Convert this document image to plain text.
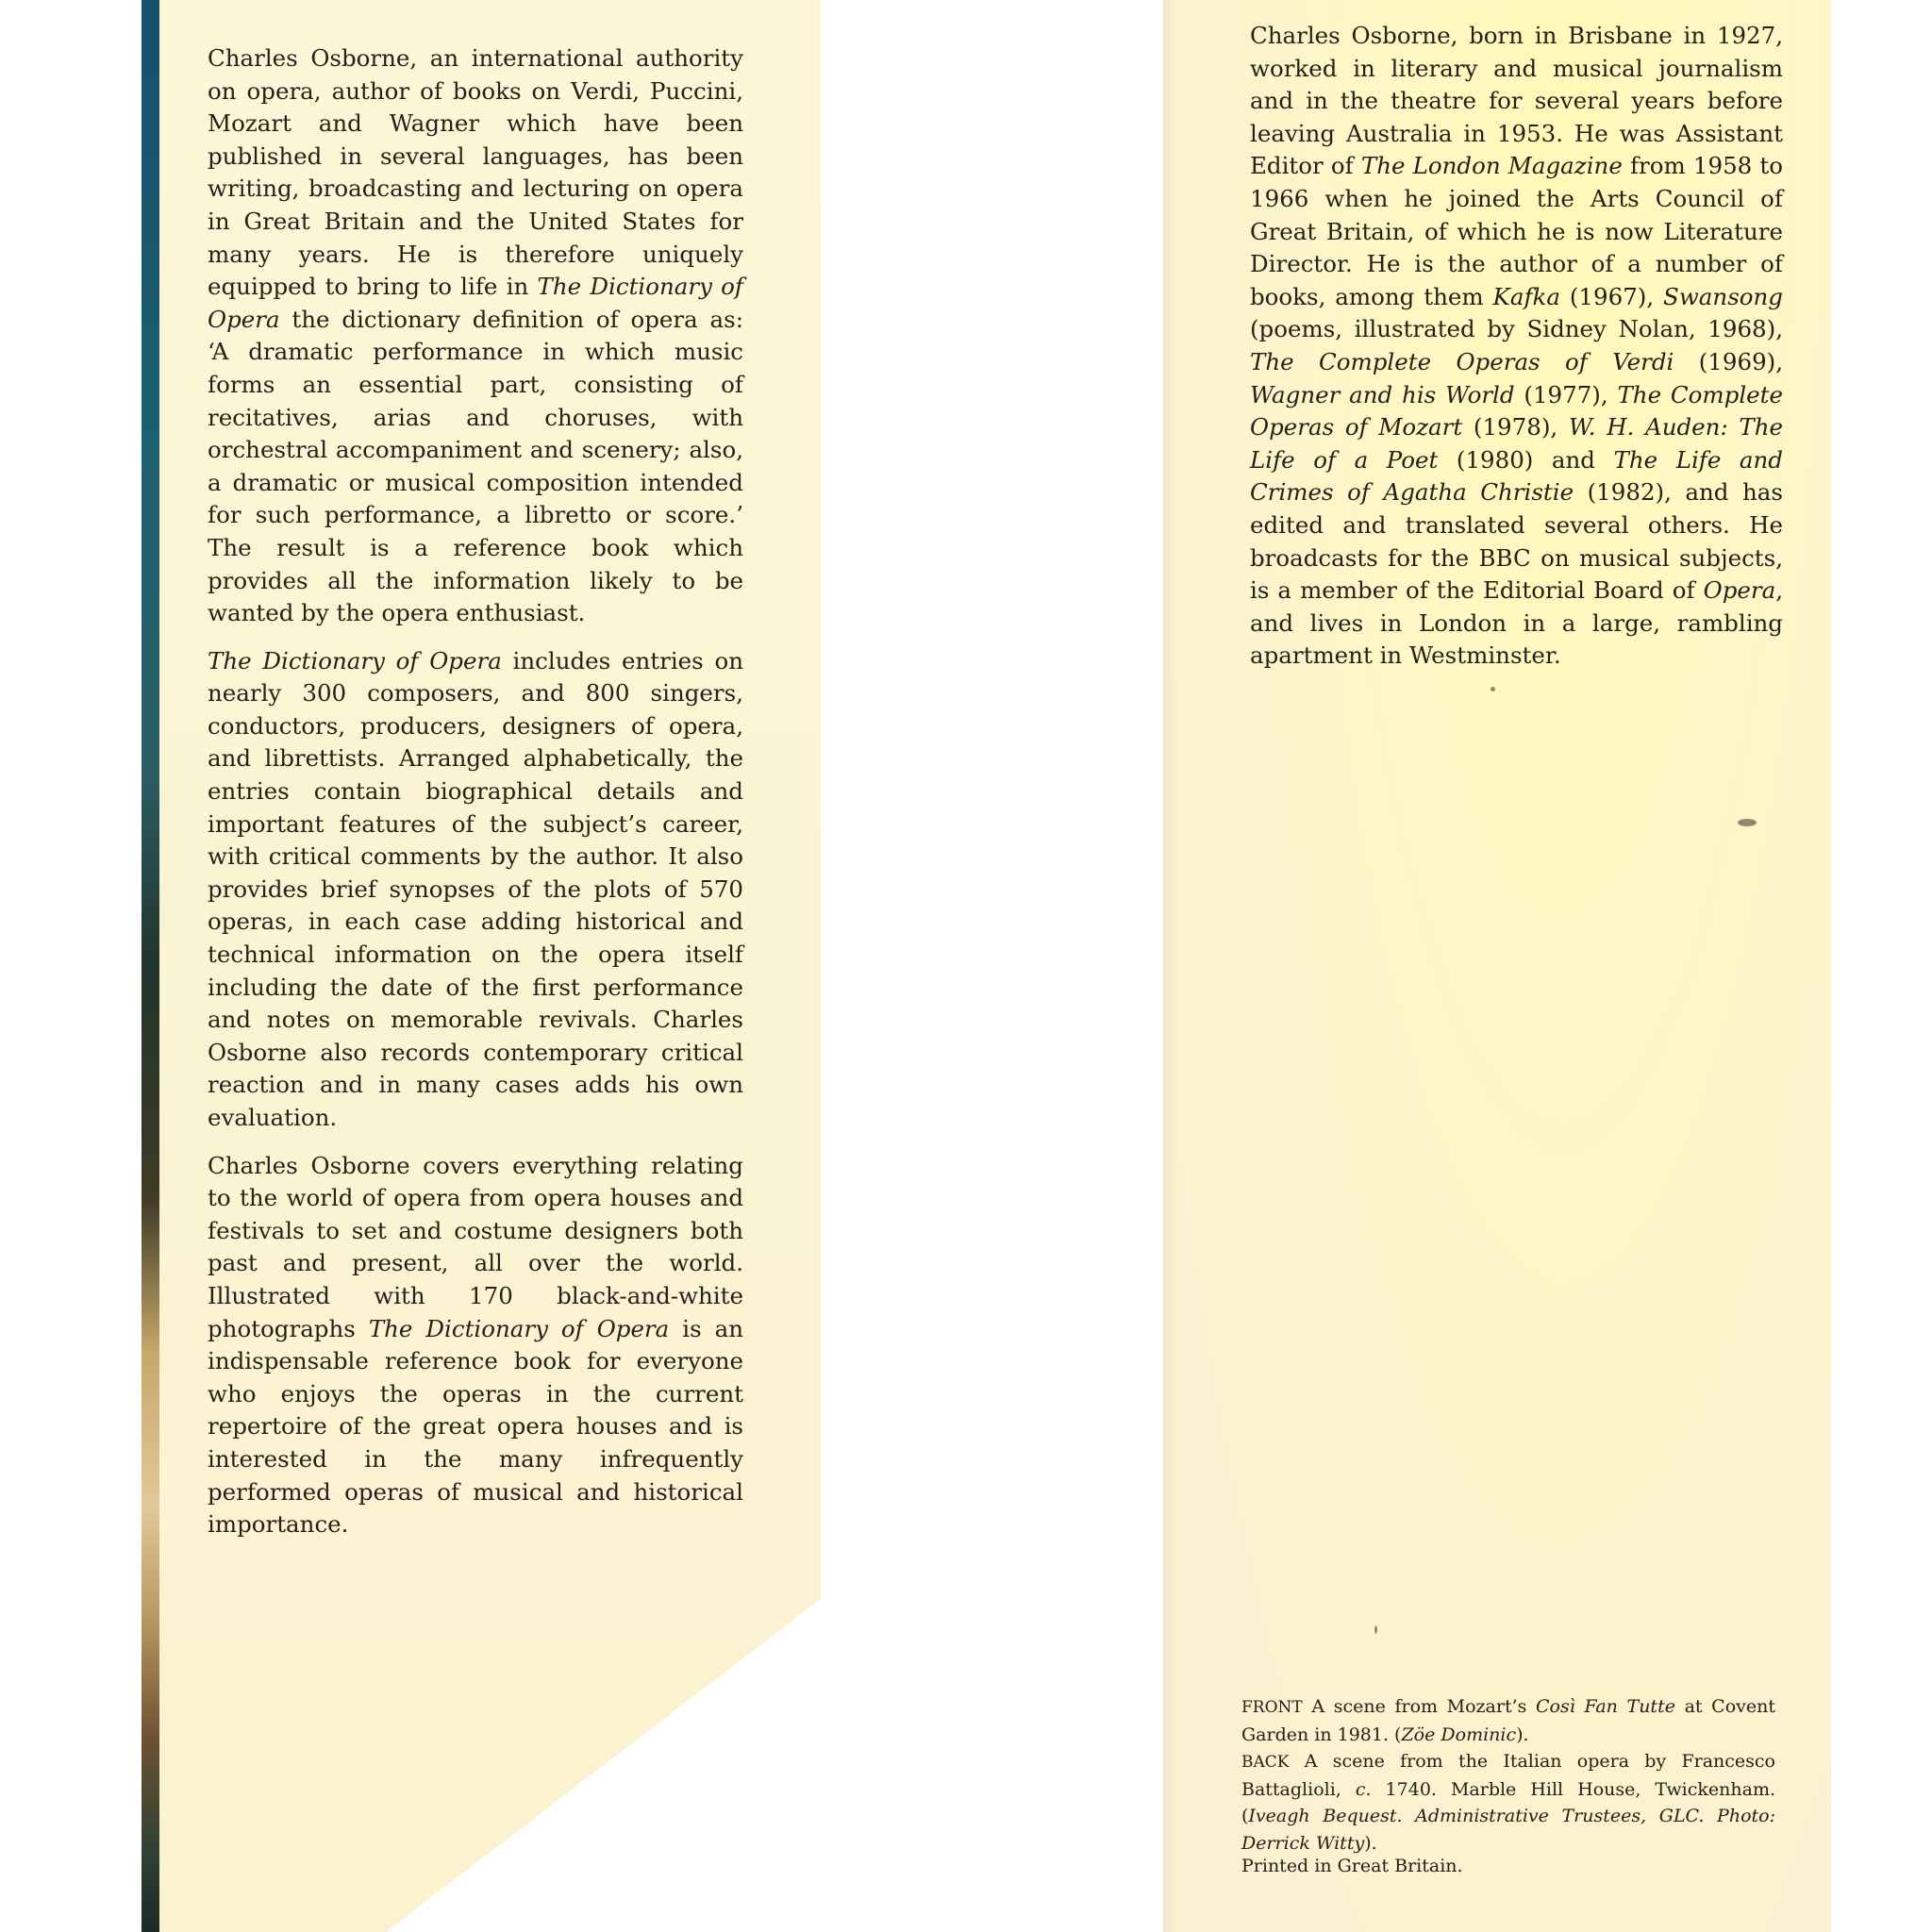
Charles Osborne, an international authority on opera, author of books on Verdi, Puccini, Mozart and Wagner which have been published in several languages, has been writing, broadcasting and lecturing on opera in Great Britain and the United States for many years. He is therefore uniquely equipped to bring to life in The Dictionary of Opera the dictionary definition of opera as: ‘A dramatic performance in which music forms an essential part, consisting of recitatives, arias and choruses, with orchestral accompaniment and scenery; also, a dramatic or musical composition intended for such performance, a libretto or score.’ The result is a reference book which provides all the information likely to be wanted by the opera enthusiast.

The Dictionary of Opera includes entries on nearly 300 composers, and 800 singers, conductors, producers, designers of opera, and librettists. Arranged alphabetically, the entries contain biographical details and important features of the subject’s career, with critical comments by the author. It also provides brief synopses of the plots of 570 operas, in each case adding historical and technical information on the opera itself including the date of the first performance and notes on memorable revivals. Charles Osborne also records contemporary critical reaction and in many cases adds his own evaluation.

Charles Osborne covers everything relating to the world of opera from opera houses and festivals to set and costume designers both past and present, all over the world. Illustrated with 170 black-and-white photographs The Dictionary of Opera is an indispensable reference book for everyone who enjoys the operas in the current repertoire of the great opera houses and is interested in the many infrequently performed operas of musical and historical importance.

Charles Osborne, born in Brisbane in 1927, worked in literary and musical journalism and in the theatre for several years before leaving Australia in 1953. He was Assistant Editor of The London Magazine from 1958 to 1966 when he joined the Arts Council of Great Britain, of which he is now Literature Director. He is the author of a number of books, among them Kafka (1967), Swansong (poems, illustrated by Sidney Nolan, 1968), The Complete Operas of Verdi (1969), Wagner and his World (1977), The Complete Operas of Mozart (1978), W. H. Auden: The Life of a Poet (1980) and The Life and Crimes of Agatha Christie (1982), and has edited and translated several others. He broadcasts for the BBC on musical subjects, is a member of the Editorial Board of Opera, and lives in London in a large, rambling apartment in Westminster.

FRONT A scene from Mozart’s Così Fan Tutte at Covent Garden in 1981. (Zöe Dominic).

BACK A scene from the Italian opera by Francesco Battaglioli, c. 1740. Marble Hill House, Twickenham. (Iveagh Bequest. Administrative Trustees, GLC. Photo: Derrick Witty).

Printed in Great Britain.
